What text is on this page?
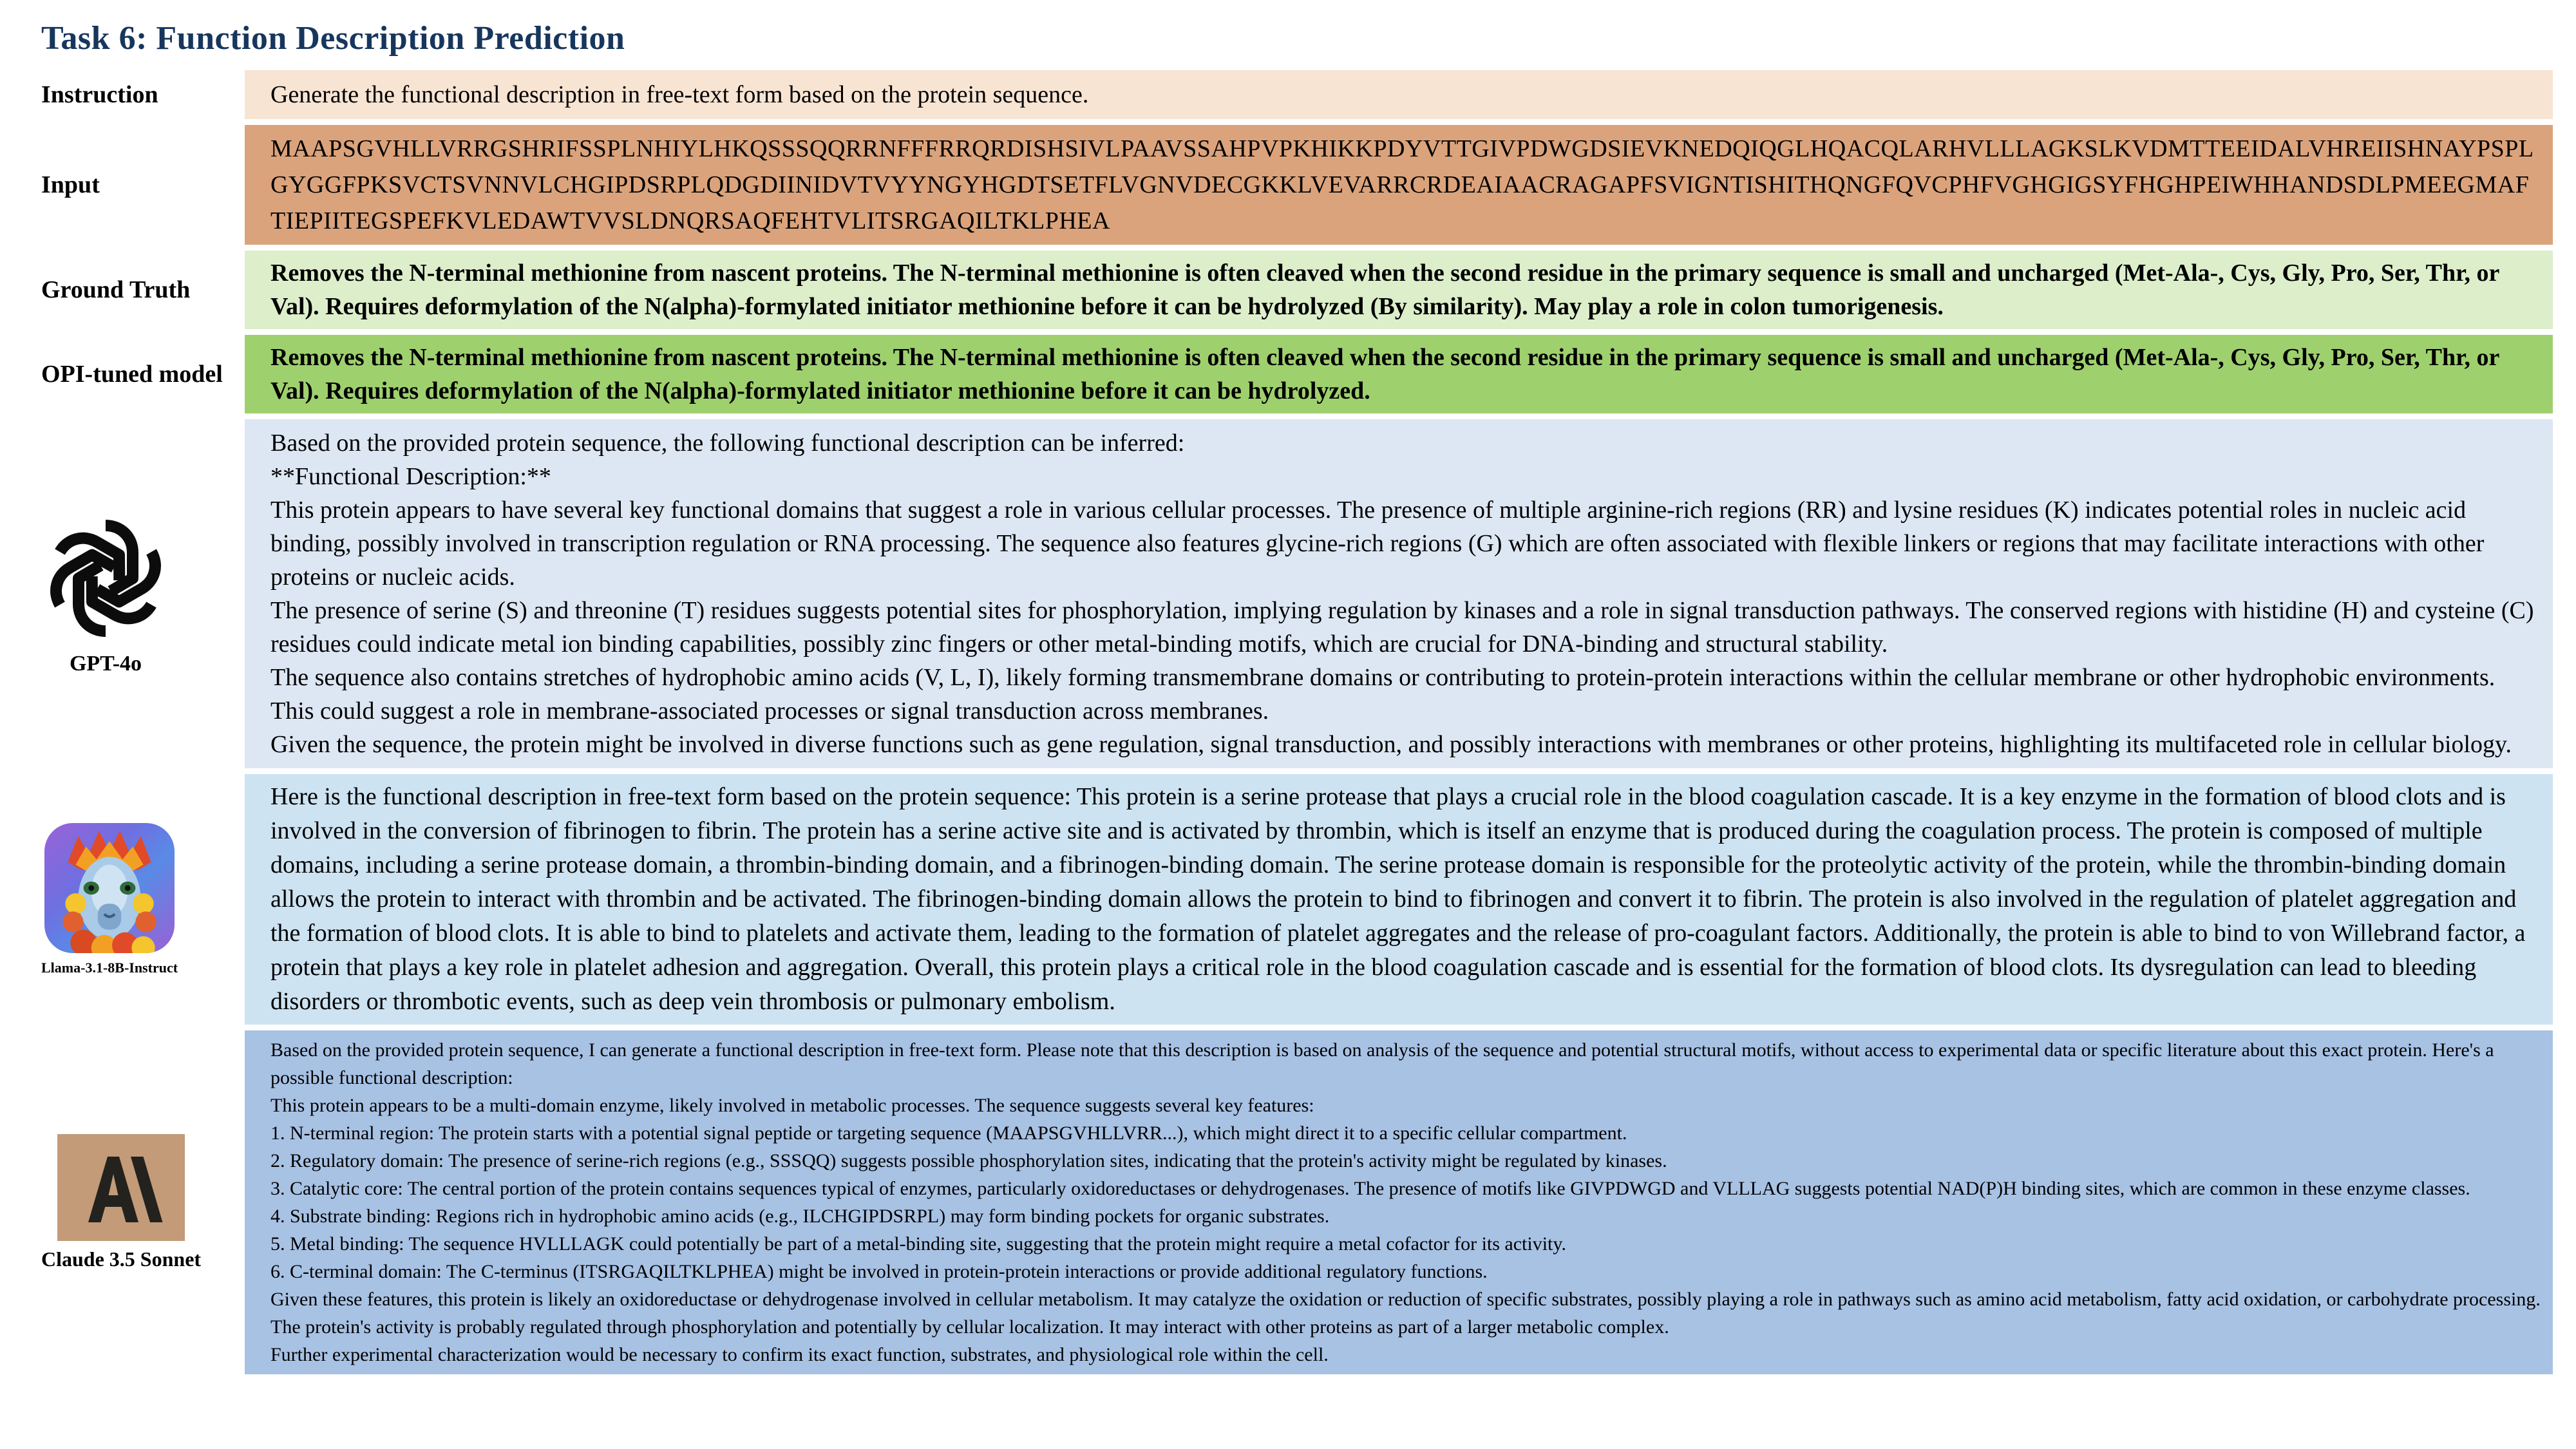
Task 6: Function Description Prediction
Instruction	Generate the functional description in free-text form based on the protein sequence.
Input
MAAPSGVHLLVRRGSHRIFSSPLNHIYLHKQSSSQQRRNFFFRRQRDISHSIVLPAAVSSAHPVPKHIKKPDYVTTGIVPDWGDSIEVKNEDQIQGLHQACQLARHVLLLAGKSLKVDMTTEEIDALVHREIISHNAYPSPLGYGGFPKSVCTSVNNVLCHGIPDSRPLQDGDIINIDVTVYYNGYHGDTSETFLVGNVDECGKKLVEVARRCRDEAIAACRAGAPFSVIGNTISHITHQNGFQVCPHFVGHGIGSYFHGHPEIWHHANDSDLPMEEGMAFTIEPIITEGSPEFKVLEDAWTVVSLDNQRSAQFEHTVLITSRGAQILTKLPHEA
Ground Truth
Removes the N-terminal methionine from nascent proteins. The N-terminal methionine is often cleaved when the second residue in the primary sequence is small and uncharged (Met-Ala-, Cys, Gly, Pro, Ser, Thr, or Val). Requires deformylation of the N(alpha)-formylated initiator methionine before it can be hydrolyzed (By similarity). May play a role in colon tumorigenesis.
OPI-tuned model
Removes the N-terminal methionine from nascent proteins. The N-terminal methionine is often cleaved when the second residue in the primary sequence is small and uncharged (Met-Ala-, Cys, Gly, Pro, Ser, Thr, or Val). Requires deformylation of the N(alpha)-formylated initiator methionine before it can be hydrolyzed.
GPT-4o

Based on the provided protein sequence, the following functional description can be inferred:

**Functional Description:**

This protein appears to have several key functional domains that suggest a role in various cellular processes. The presence of multiple arginine-rich regions (RR) and lysine residues (K) indicates potential roles in nucleic acid binding, possibly involved in transcription regulation or RNA processing. The sequence also features glycine-rich regions (G) which are often associated with flexible linkers or regions that may facilitate interactions with other proteins or nucleic acids.

The presence of serine (S) and threonine (T) residues suggests potential sites for phosphorylation, implying regulation by kinases and a role in signal transduction pathways. The conserved regions with histidine (H) and cysteine (C) residues could indicate metal ion binding capabilities, possibly zinc fingers or other metal-binding motifs, which are crucial for DNA-binding and structural stability.

The sequence also contains stretches of hydrophobic amino acids (V, L, I), likely forming transmembrane domains or contributing to protein-protein interactions within the cellular membrane or other hydrophobic environments. This could suggest a role in membrane-associated processes or signal transduction across membranes.

Given the sequence, the protein might be involved in diverse functions such as gene regulation, signal transduction, and possibly interactions with membranes or other proteins, highlighting its multifaceted role in cellular biology.

Llama-3.1-8B-Instruct

Here is the functional description in free-text form based on the protein sequence: This protein is a serine protease that plays a crucial role in the blood coagulation cascade. It is a key enzyme in the formation of blood clots and is involved in the conversion of fibrinogen to fibrin. The protein has a serine active site and is activated by thrombin, which is itself an enzyme that is produced during the coagulation process. The protein is composed of multiple domains, including a serine protease domain, a thrombin-binding domain, and a fibrinogen-binding domain. The serine protease domain is responsible for the proteolytic activity of the protein, while the thrombin-binding domain allows the protein to interact with thrombin and be activated. The fibrinogen-binding domain allows the protein to bind to fibrinogen and convert it to fibrin. The protein is also involved in the regulation of platelet aggregation and the formation of blood clots. It is able to bind to platelets and activate them, leading to the formation of platelet aggregates and the release of pro-coagulant factors. Additionally, the protein is able to bind to von Willebrand factor, a protein that plays a key role in platelet adhesion and aggregation. Overall, this protein plays a critical role in the blood coagulation cascade and is essential for the formation of blood clots. Its dysregulation can lead to bleeding disorders or thrombotic events, such as deep vein thrombosis or pulmonary embolism.

Claude 3.5 Sonnet

Based on the provided protein sequence, I can generate a functional description in free-text form. Please note that this description is based on analysis of the sequence and potential structural motifs, without access to experimental data or specific literature about this exact protein. Here's a possible functional description:

This protein appears to be a multi-domain enzyme, likely involved in metabolic processes. The sequence suggests several key features:

1. N-terminal region: The protein starts with a potential signal peptide or targeting sequence (MAAPSGVHLLVRR...), which might direct it to a specific cellular compartment.

2. Regulatory domain: The presence of serine-rich regions (e.g., SSSQQ) suggests possible phosphorylation sites, indicating that the protein's activity might be regulated by kinases.

3. Catalytic core: The central portion of the protein contains sequences typical of enzymes, particularly oxidoreductases or dehydrogenases. The presence of motifs like GIVPDWGD and VLLLAG suggests potential NAD(P)H binding sites, which are common in these enzyme classes.

4. Substrate binding: Regions rich in hydrophobic amino acids (e.g., ILCHGIPDSRPL) may form binding pockets for organic substrates.

5. Metal binding: The sequence HVLLLAGK could potentially be part of a metal-binding site, suggesting that the protein might require a metal cofactor for its activity.

6. C-terminal domain: The C-terminus (ITSRGAQILTKLPHEA) might be involved in protein-protein interactions or provide additional regulatory functions.

Given these features, this protein is likely an oxidoreductase or dehydrogenase involved in cellular metabolism. It may catalyze the oxidation or reduction of specific substrates, possibly playing a role in pathways such as amino acid metabolism, fatty acid oxidation, or carbohydrate processing. The protein's activity is probably regulated through phosphorylation and potentially by cellular localization. It may interact with other proteins as part of a larger metabolic complex.

Further experimental characterization would be necessary to confirm its exact function, substrates, and physiological role within the cell.
